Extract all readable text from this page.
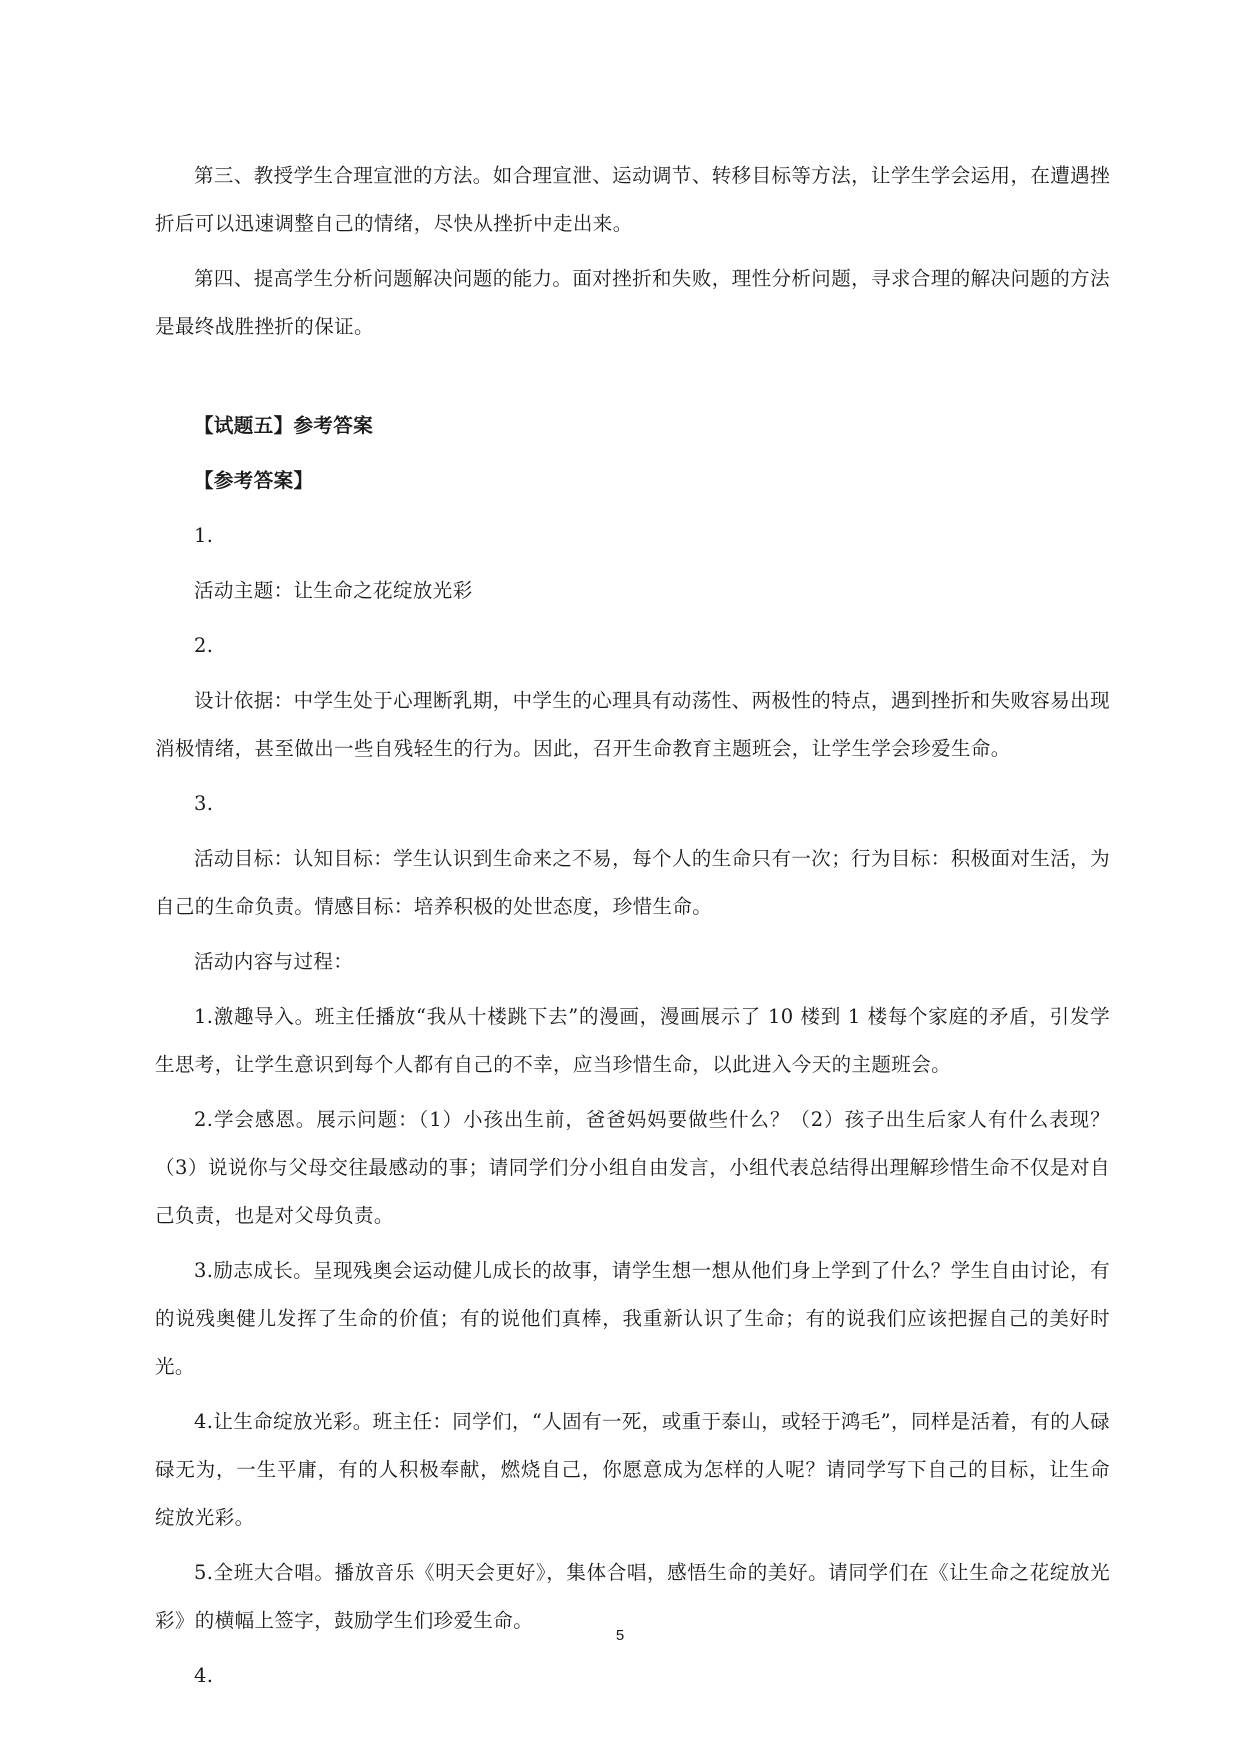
第三、教授学生合理宣泄的方法。如合理宣泄、运动调节、转移目标等方法，让学生学会运用，在遭遇挫折后可以迅速调整自己的情绪，尽快从挫折中走出来。

第四、提高学生分析问题解决问题的能力。面对挫折和失败，理性分析问题，寻求合理的解决问题的方法是最终战胜挫折的保证。

【试题五】参考答案

【参考答案】

1.

活动主题：让生命之花绽放光彩

2.

设计依据：中学生处于心理断乳期，中学生的心理具有动荡性、两极性的特点，遇到挫折和失败容易出现消极情绪，甚至做出一些自残轻生的行为。因此，召开生命教育主题班会，让学生学会珍爱生命。

3.

活动目标：认知目标：学生认识到生命来之不易，每个人的生命只有一次；行为目标：积极面对生活，为自己的生命负责。情感目标：培养积极的处世态度，珍惜生命。

活动内容与过程：

1.激趣导入。班主任播放“我从十楼跳下去”的漫画，漫画展示了 10 楼到 1 楼每个家庭的矛盾，引发学生思考，让学生意识到每个人都有自己的不幸，应当珍惜生命，以此进入今天的主题班会。

2.学会感恩。展示问题：（1）小孩出生前，爸爸妈妈要做些什么？（2）孩子出生后家人有什么表现？（3）说说你与父母交往最感动的事；请同学们分小组自由发言，小组代表总结得出理解珍惜生命不仅是对自己负责，也是对父母负责。

3.励志成长。呈现残奥会运动健儿成长的故事，请学生想一想从他们身上学到了什么？学生自由讨论，有的说残奥健儿发挥了生命的价值；有的说他们真棒，我重新认识了生命；有的说我们应该把握自己的美好时光。

4.让生命绽放光彩。班主任：同学们，“人固有一死，或重于泰山，或轻于鸿毛”，同样是活着，有的人碌碌无为，一生平庸，有的人积极奉献，燃烧自己，你愿意成为怎样的人呢？请同学写下自己的目标，让生命绽放光彩。

5.全班大合唱。播放音乐《明天会更好》，集体合唱，感悟生命的美好。请同学们在《让生命之花绽放光彩》的横幅上签字，鼓励学生们珍爱生命。

4.

5
